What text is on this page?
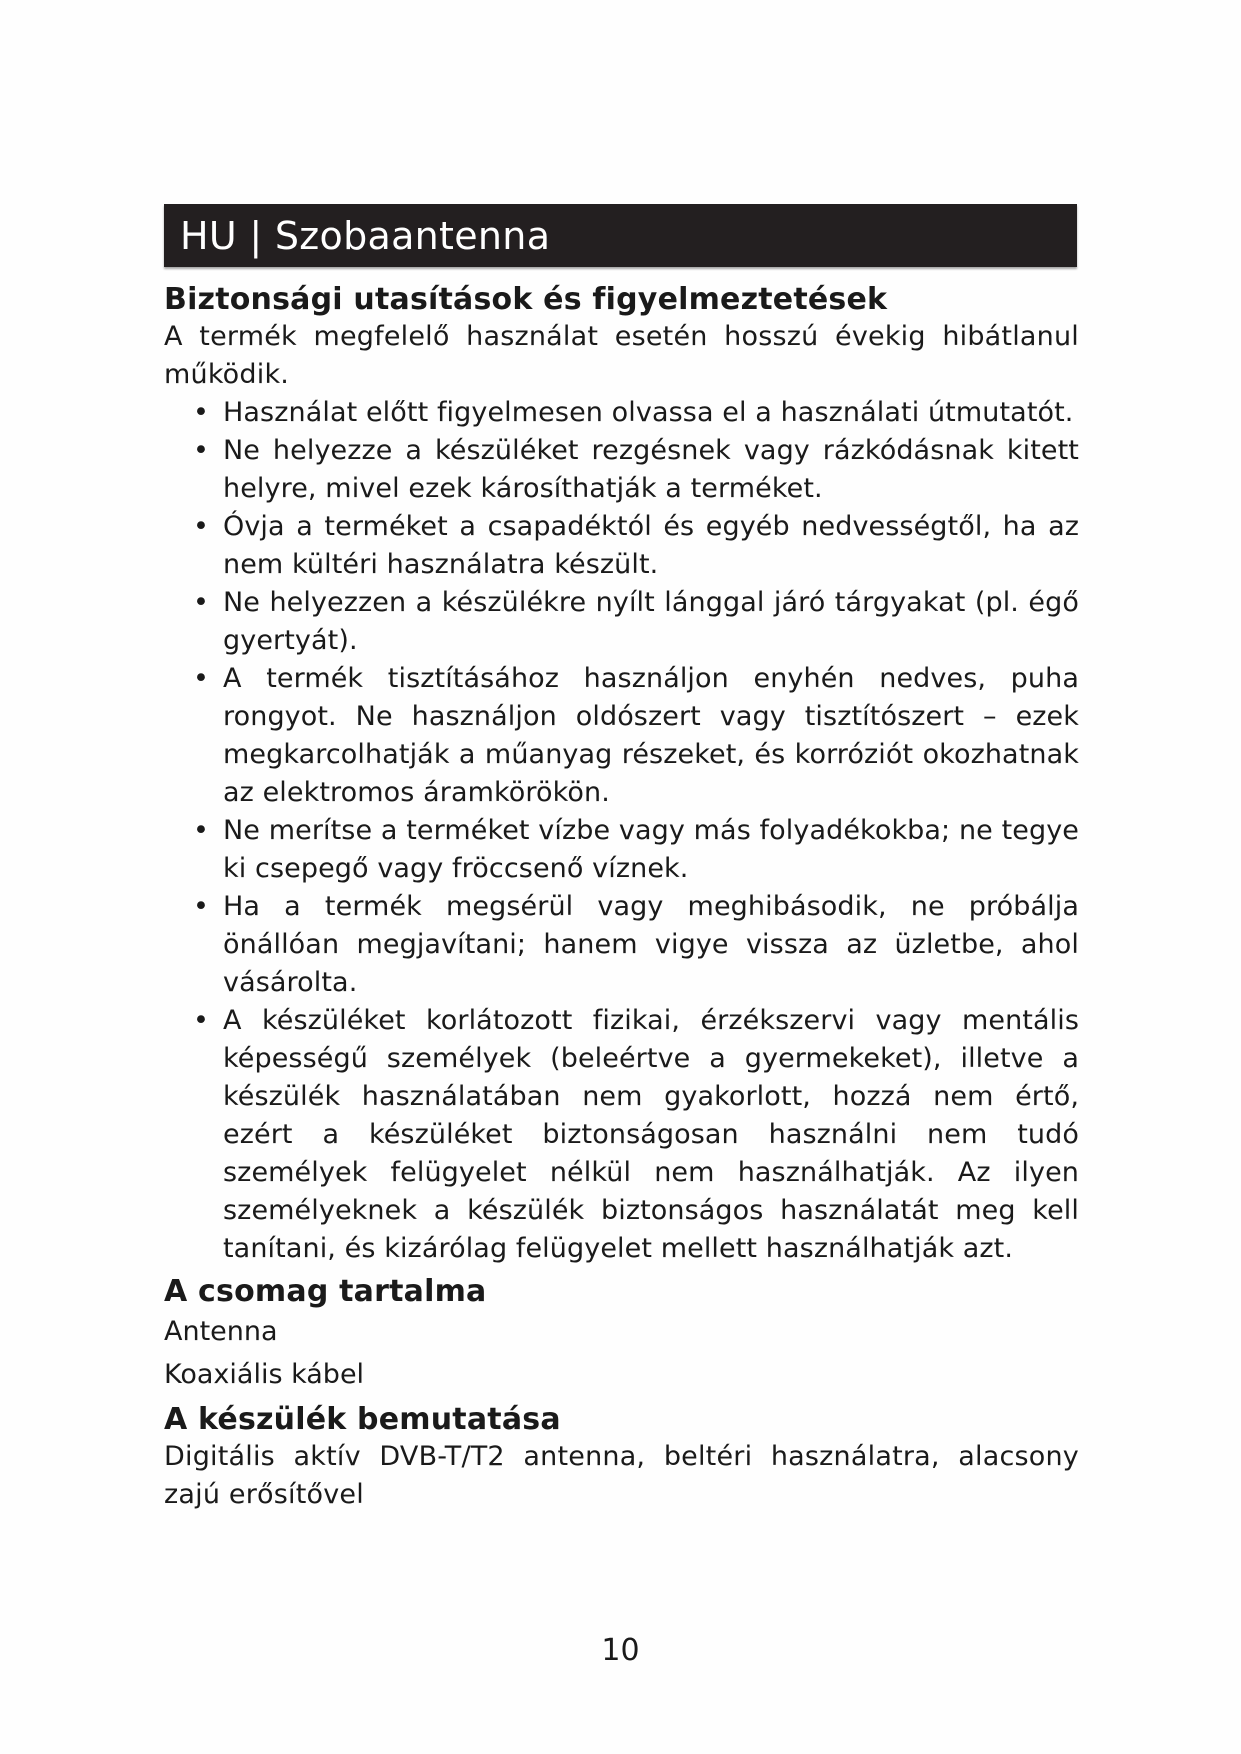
HU | Szobaantenna
Biztonsági utasítások és figyelmeztetések

A termék megfelelő használat esetén hosszú évekig hibátlanul működik.

• Használat előtt figyelmesen olvassa el a használati útmutatót.
• Ne helyezze a készüléket rezgésnek vagy rázkódásnak kitett helyre, mivel ezek károsíthatják a terméket.
• Óvja a terméket a csapadéktól és egyéb nedvességtől, ha az nem kültéri használatra készült.
• Ne helyezzen a készülékre nyílt lánggal járó tárgyakat (pl. égő gyertyát).
• A termék tisztításához használjon enyhén nedves, puha rongyot. Ne használjon oldószert vagy tisztítószert – ezek megkarcolhatják a műanyag részeket, és korróziót okozhatnak az elektromos áramkörökön.
• Ne merítse a terméket vízbe vagy más folyadékokba; ne tegye ki csepegő vagy fröccsenő víznek.
• Ha a termék megsérül vagy meghibásodik, ne próbálja önállóan megjavítani; hanem vigye vissza az üzletbe, ahol vásárolta.
• A készüléket korlátozott fizikai, érzékszervi vagy mentális képességű személyek (beleértve a gyermekeket), illetve a készülék használatában nem gyakorlott, hozzá nem értő, ezért a készüléket biztonságosan használni nem tudó személyek felügyelet nélkül nem használhatják. Az ilyen személyeknek a készülék biztonságos használatát meg kell tanítani, és kizárólag felügyelet mellett használhatják azt.
A csomag tartalma
Antenna
Koaxiális kábel
A készülék bemutatása

Digitális aktív DVB-T/T2 antenna, beltéri használatra, alacsony zajú erősítővel

10
